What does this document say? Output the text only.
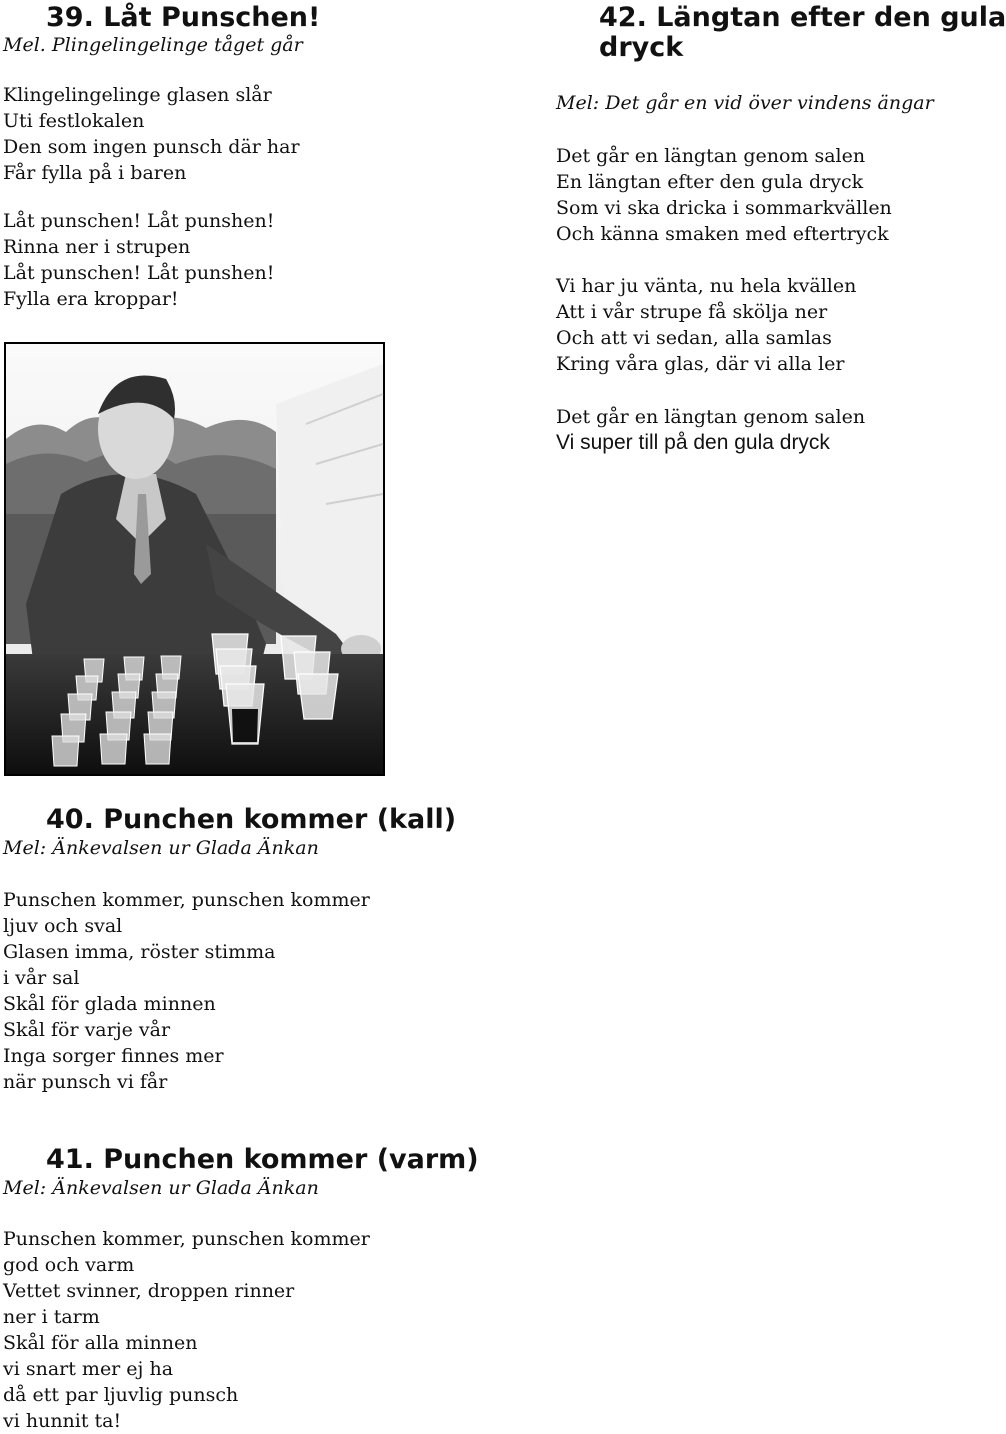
39. Låt Punschen!
Mel. Plingelingelinge tåget går
Klingelingelinge glasen slår
Uti festlokalen
Den som ingen punsch där har
Får fylla på i baren
Låt punschen! Låt punshen!
Rinna ner i strupen
Låt punschen! Låt punshen!
Fylla era kroppar!
42. Längtan efter den gula
dryck
Mel: Det går en vid över vindens ängar
Det går en längtan genom salen
En längtan efter den gula dryck
Som vi ska dricka i sommarkvällen
Och känna smaken med eftertryck
Vi har ju vänta, nu hela kvällen
Att i vår strupe få skölja ner
Och att vi sedan, alla samlas
Kring våra glas, där vi alla ler
Det går en längtan genom salen
Vi super till på den gula dryck
40. Punchen kommer (kall)
Mel: Änkevalsen ur Glada Änkan
Punschen kommer, punschen kommer
ljuv och sval
Glasen imma, röster stimma
i vår sal
Skål för glada minnen
Skål för varje vår
Inga sorger finnes mer
när punsch vi får
41. Punchen kommer (varm)
Mel: Änkevalsen ur Glada Änkan
Punschen kommer, punschen kommer
god och varm
Vettet svinner, droppen rinner
ner i tarm
Skål för alla minnen
vi snart mer ej ha
då ett par ljuvlig punsch
vi hunnit ta!
